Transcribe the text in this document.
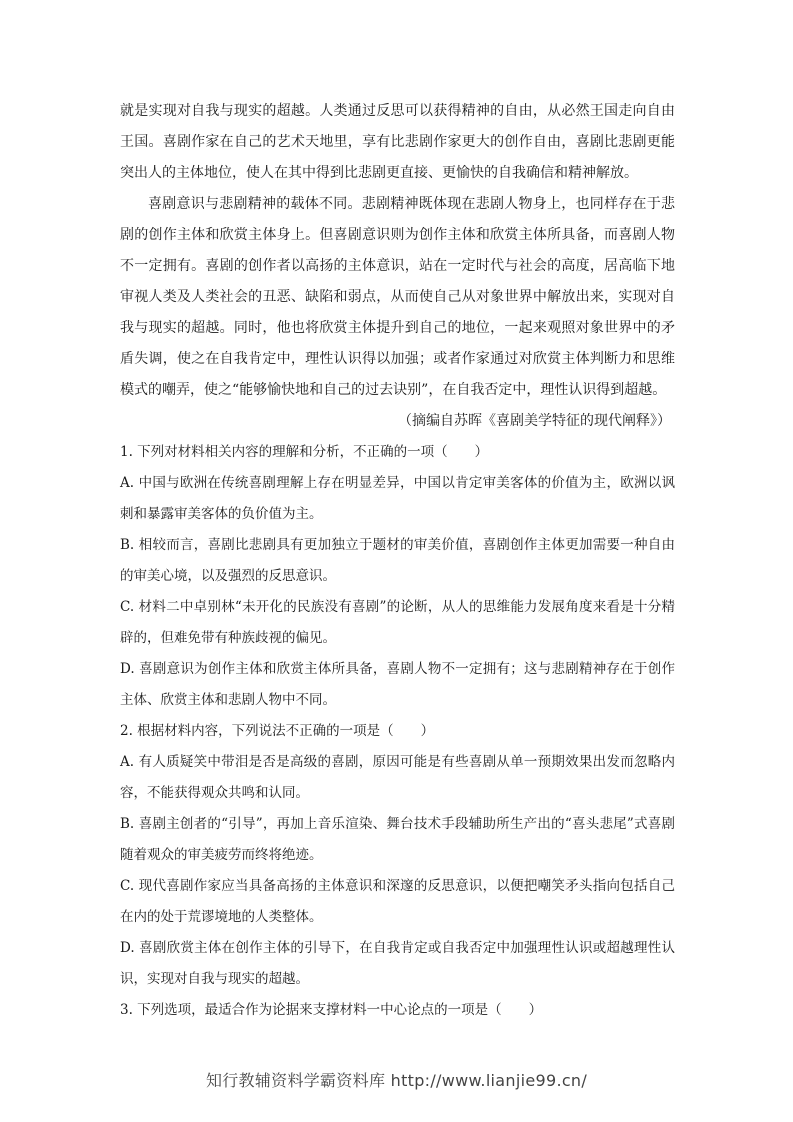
就是实现对自我与现实的超越。人类通过反思可以获得精神的自由，从必然王国走向自由王国。喜剧作家在自己的艺术天地里，享有比悲剧作家更大的创作自由，喜剧比悲剧更能突出人的主体地位，使人在其中得到比悲剧更直接、更愉快的自我确信和精神解放。

喜剧意识与悲剧精神的载体不同。悲剧精神既体现在悲剧人物身上，也同样存在于悲剧的创作主体和欣赏主体身上。但喜剧意识则为创作主体和欣赏主体所具备，而喜剧人物不一定拥有。喜剧的创作者以高扬的主体意识，站在一定时代与社会的高度，居高临下地审视人类及人类社会的丑恶、缺陷和弱点，从而使自己从对象世界中解放出来，实现对自我与现实的超越。同时，他也将欣赏主体提升到自己的地位，一起来观照对象世界中的矛盾失调，使之在自我肯定中，理性认识得以加强；或者作家通过对欣赏主体判断力和思维模式的嘲弄，使之“能够愉快地和自己的过去诀别”，在自我否定中，理性认识得到超越。

（摘编自苏晖《喜剧美学特征的现代阐释》）

1. 下列对材料相关内容的理解和分析，不正确的一项（　　）

A. 中国与欧洲在传统喜剧理解上存在明显差异，中国以肯定审美客体的价值为主，欧洲以讽刺和暴露审美客体的负价值为主。

B. 相较而言，喜剧比悲剧具有更加独立于题材的审美价值，喜剧创作主体更加需要一种自由的审美心境，以及强烈的反思意识。

C. 材料二中卓别林“未开化的民族没有喜剧”的论断，从人的思维能力发展角度来看是十分精辟的，但难免带有种族歧视的偏见。

D. 喜剧意识为创作主体和欣赏主体所具备，喜剧人物不一定拥有；这与悲剧精神存在于创作主体、欣赏主体和悲剧人物中不同。

2. 根据材料内容，下列说法不正确的一项是（　　）

A. 有人质疑笑中带泪是否是高级的喜剧，原因可能是有些喜剧从单一预期效果出发而忽略内容，不能获得观众共鸣和认同。

B. 喜剧主创者的“引导”，再加上音乐渲染、舞台技术手段辅助所生产出的“喜头悲尾”式喜剧随着观众的审美疲劳而终将绝迹。

C. 现代喜剧作家应当具备高扬的主体意识和深邃的反思意识，以便把嘲笑矛头指向包括自己在内的处于荒谬境地的人类整体。

D. 喜剧欣赏主体在创作主体的引导下，在自我肯定或自我否定中加强理性认识或超越理性认识，实现对自我与现实的超越。

3. 下列选项，最适合作为论据来支撑材料一中心论点的一项是（　　）

知行教辅资料学霸资料库 http://www.lianjie99.cn/
